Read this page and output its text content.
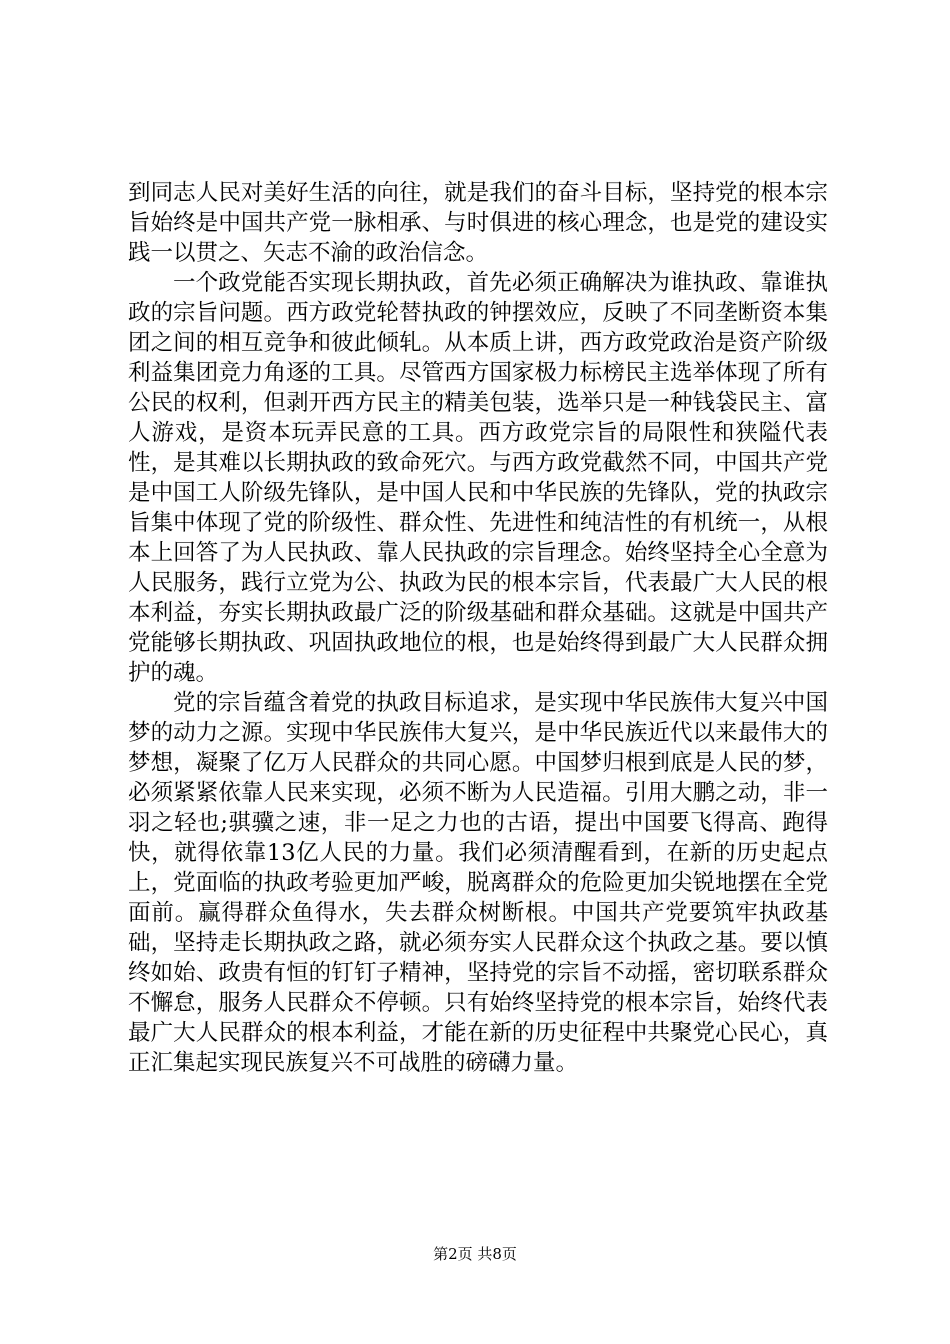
到同志人民对美好生活的向往，就是我们的奋斗目标，坚持党的根本宗旨始终是中国共产党一脉相承、与时俱进的核心理念，也是党的建设实践一以贯之、矢志不渝的政治信念。

一个政党能否实现长期执政，首先必须正确解决为谁执政、靠谁执政的宗旨问题。西方政党轮替执政的钟摆效应，反映了不同垄断资本集团之间的相互竞争和彼此倾轧。从本质上讲，西方政党政治是资产阶级利益集团竞力角逐的工具。尽管西方国家极力标榜民主选举体现了所有公民的权利，但剥开西方民主的精美包装，选举只是一种钱袋民主、富人游戏，是资本玩弄民意的工具。西方政党宗旨的局限性和狭隘代表性，是其难以长期执政的致命死穴。与西方政党截然不同，中国共产党是中国工人阶级先锋队，是中国人民和中华民族的先锋队，党的执政宗旨集中体现了党的阶级性、群众性、先进性和纯洁性的有机统一，从根本上回答了为人民执政、靠人民执政的宗旨理念。始终坚持全心全意为人民服务，践行立党为公、执政为民的根本宗旨，代表最广大人民的根本利益，夯实长期执政最广泛的阶级基础和群众基础。这就是中国共产党能够长期执政、巩固执政地位的根，也是始终得到最广大人民群众拥护的魂。

党的宗旨蕴含着党的执政目标追求，是实现中华民族伟大复兴中国梦的动力之源。实现中华民族伟大复兴，是中华民族近代以来最伟大的梦想，凝聚了亿万人民群众的共同心愿。中国梦归根到底是人民的梦，必须紧紧依靠人民来实现，必须不断为人民造福。引用大鹏之动，非一羽之轻也;骐骥之速，非一足之力也的古语，提出中国要飞得高、跑得快，就得依靠13亿人民的力量。我们必须清醒看到，在新的历史起点上，党面临的执政考验更加严峻，脱离群众的危险更加尖锐地摆在全党面前。赢得群众鱼得水，失去群众树断根。中国共产党要筑牢执政基础，坚持走长期执政之路，就必须夯实人民群众这个执政之基。要以慎终如始、政贵有恒的钉钉子精神，坚持党的宗旨不动摇，密切联系群众不懈怠，服务人民群众不停顿。只有始终坚持党的根本宗旨，始终代表最广大人民群众的根本利益，才能在新的历史征程中共聚党心民心，真正汇集起实现民族复兴不可战胜的磅礴力量。

第2页 共8页
